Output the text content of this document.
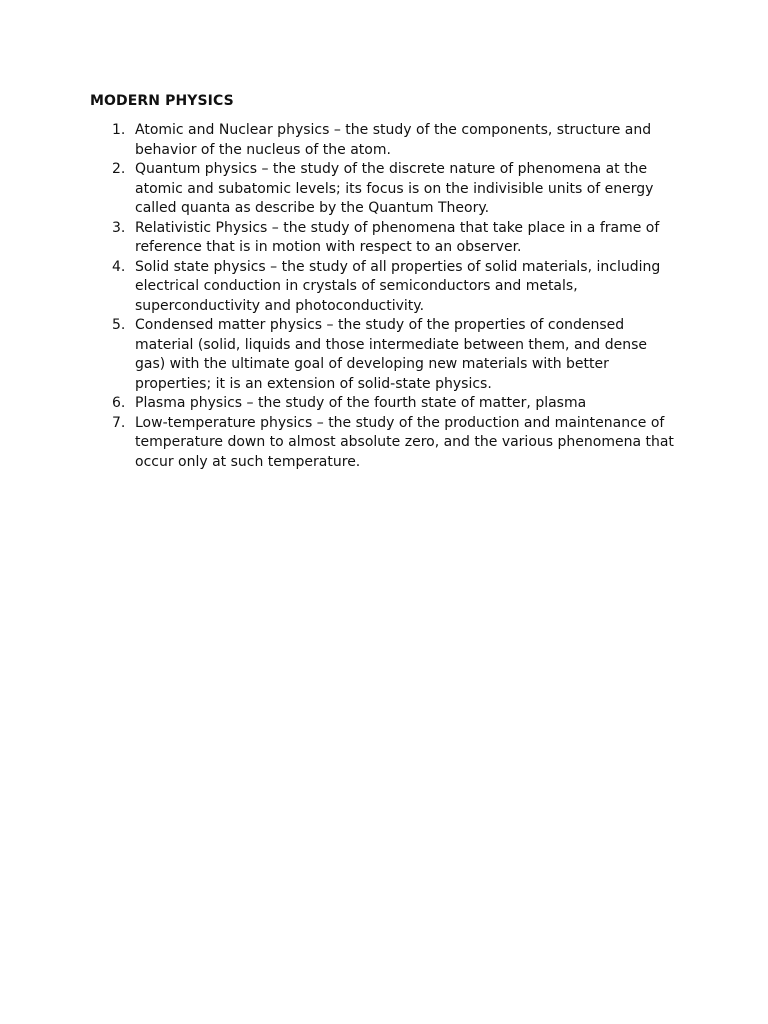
MODERN PHYSICS
1. Atomic and Nuclear physics – the study of the components, structure and behavior of the nucleus of the atom.
2. Quantum physics – the study of the discrete nature of phenomena at the atomic and subatomic levels; its focus is on the indivisible units of energy called quanta as describe by the Quantum Theory.
3. Relativistic Physics – the study of phenomena that take place in a frame of reference that is in motion with respect to an observer.
4. Solid state physics – the study of all properties of solid materials, including electrical conduction in crystals of semiconductors and metals, superconductivity and photoconductivity.
5. Condensed matter physics – the study of the properties of condensed material (solid, liquids and those intermediate between them, and dense gas) with the ultimate goal of developing new materials with better properties; it is an extension of solid-state physics.
6. Plasma physics – the study of the fourth state of matter, plasma
7. Low-temperature physics – the study of the production and maintenance of temperature down to almost absolute zero, and the various phenomena that occur only at such temperature.
